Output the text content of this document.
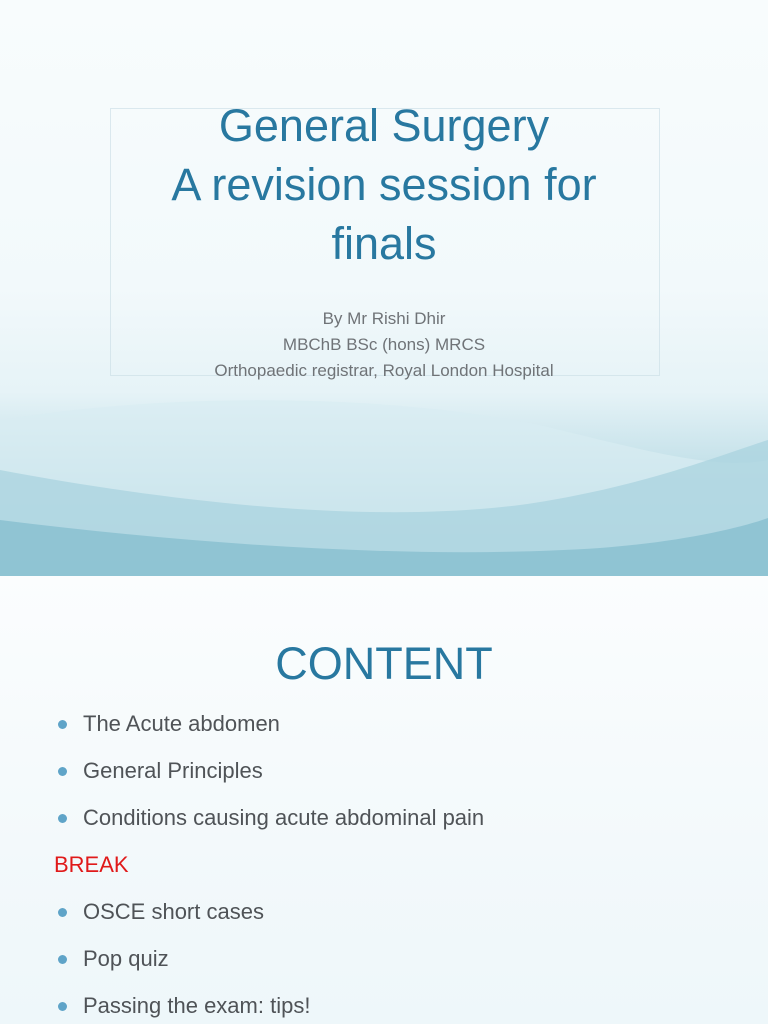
General Surgery
A revision session for
finals
By Mr Rishi Dhir
MBChB BSc (hons) MRCS
Orthopaedic registrar, Royal London Hospital
CONTENT
The Acute abdomen
General Principles
Conditions causing acute abdominal pain
BREAK
OSCE short cases
Pop quiz
Passing the exam: tips!
